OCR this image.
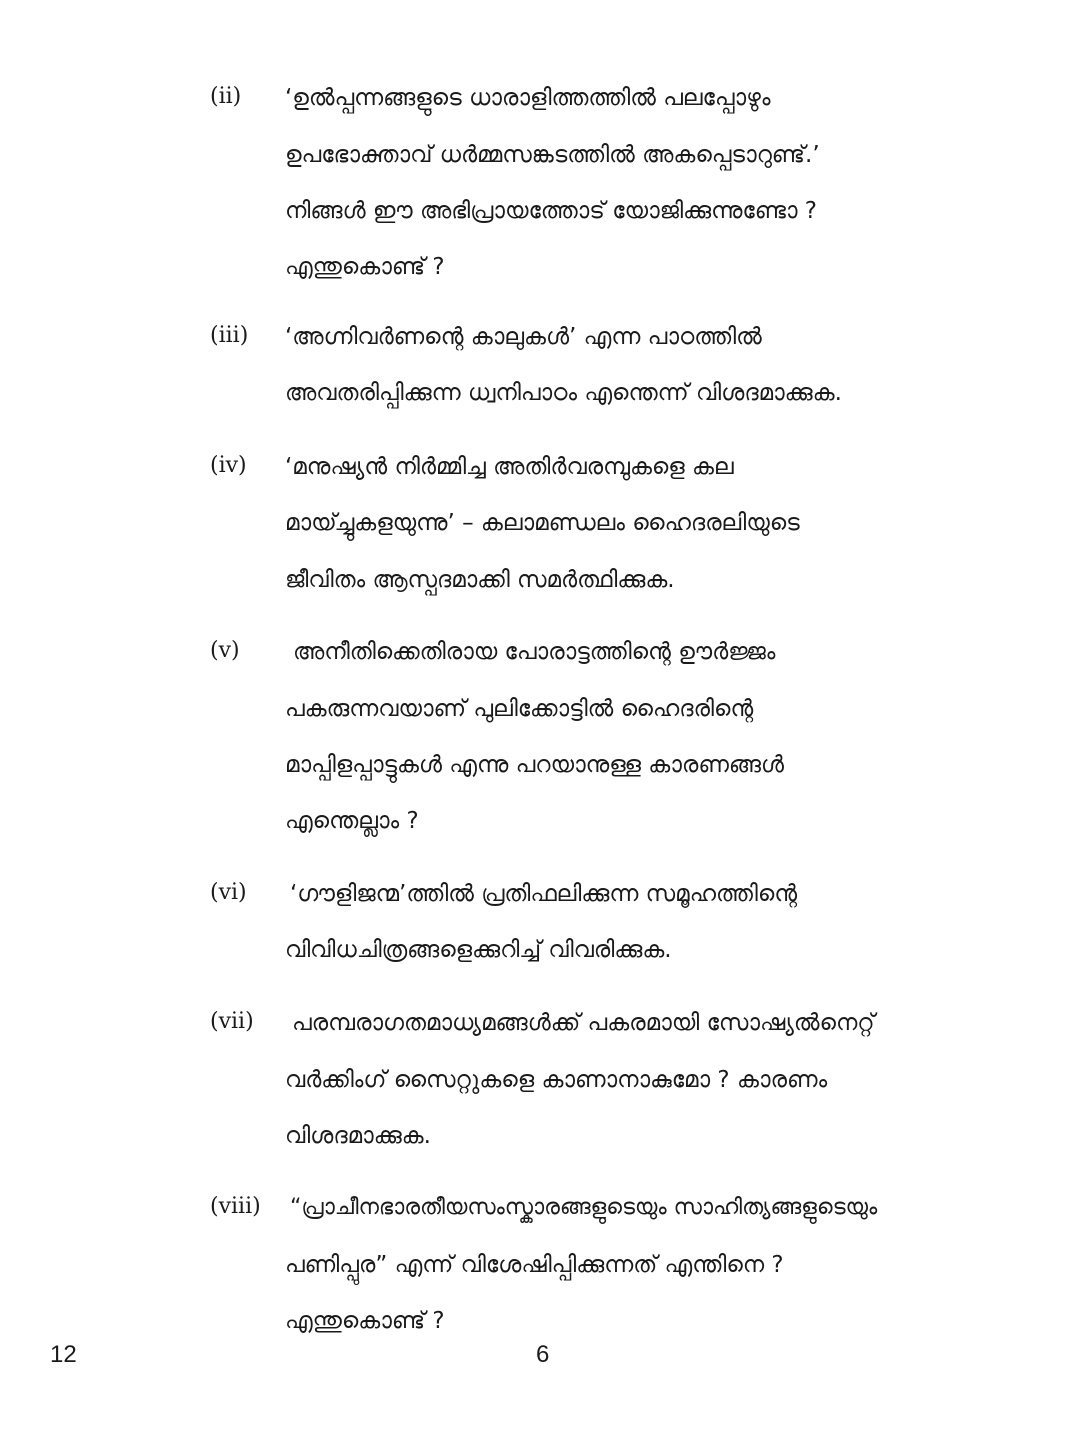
(ii) ‘ഉൽപ്പന്നങ്ങളുടെ ധാരാളിത്തത്തിൽ പലപ്പോഴും
ഉപഭോക്താവ് ധർമ്മസങ്കടത്തിൽ അകപ്പെടാറുണ്ട്.’
നിങ്ങൾ ഈ അഭിപ്രായത്തോട് യോജിക്കുന്നുണ്ടോ ?
എന്തുകൊണ്ട് ?
(iii) ‘അഗ്നിവർണന്റെ കാലുകൾ’ എന്ന പാഠത്തിൽ
അവതരിപ്പിക്കുന്ന ധ്വനിപാഠം എന്തെന്ന് വിശദമാക്കുക.
(iv) ‘മനുഷ്യൻ നിർമ്മിച്ച അതിർവരമ്പുകളെ കല
മായ്ച്ചുകളയുന്നു’ – കലാമണ്ഡലം ഹൈദരലിയുടെ
ജീവിതം ആസ്പദമാക്കി സമർത്ഥിക്കുക.
(v) അനീതിക്കെതിരായ പോരാട്ടത്തിന്റെ ഊർജ്ജം
പകരുന്നവയാണ് പുലിക്കോട്ടിൽ ഹൈദരിന്റെ
മാപ്പിളപ്പാട്ടുകൾ എന്നു പറയാനുള്ള കാരണങ്ങൾ
എന്തെല്ലാം ?
(vi) ‘ഗൗളിജന്മ’ത്തിൽ പ്രതിഫലിക്കുന്ന സമൂഹത്തിന്റെ
വിവിധചിത്രങ്ങളെക്കുറിച്ച് വിവരിക്കുക.
(vii) പരമ്പരാഗതമാധ്യമങ്ങൾക്ക് പകരമായി സോഷ്യൽനെറ്റ്
വർക്കിംഗ് സൈറ്റുകളെ കാണാനാകുമോ ? കാരണം
വിശദമാക്കുക.
(viii) “പ്രാചീനഭാരതീയസംസ്കാരങ്ങളുടെയും സാഹിത്യങ്ങളുടെയും
പണിപ്പുര” എന്ന് വിശേഷിപ്പിക്കുന്നത് എന്തിനെ ?
എന്തുകൊണ്ട് ?
12	6
